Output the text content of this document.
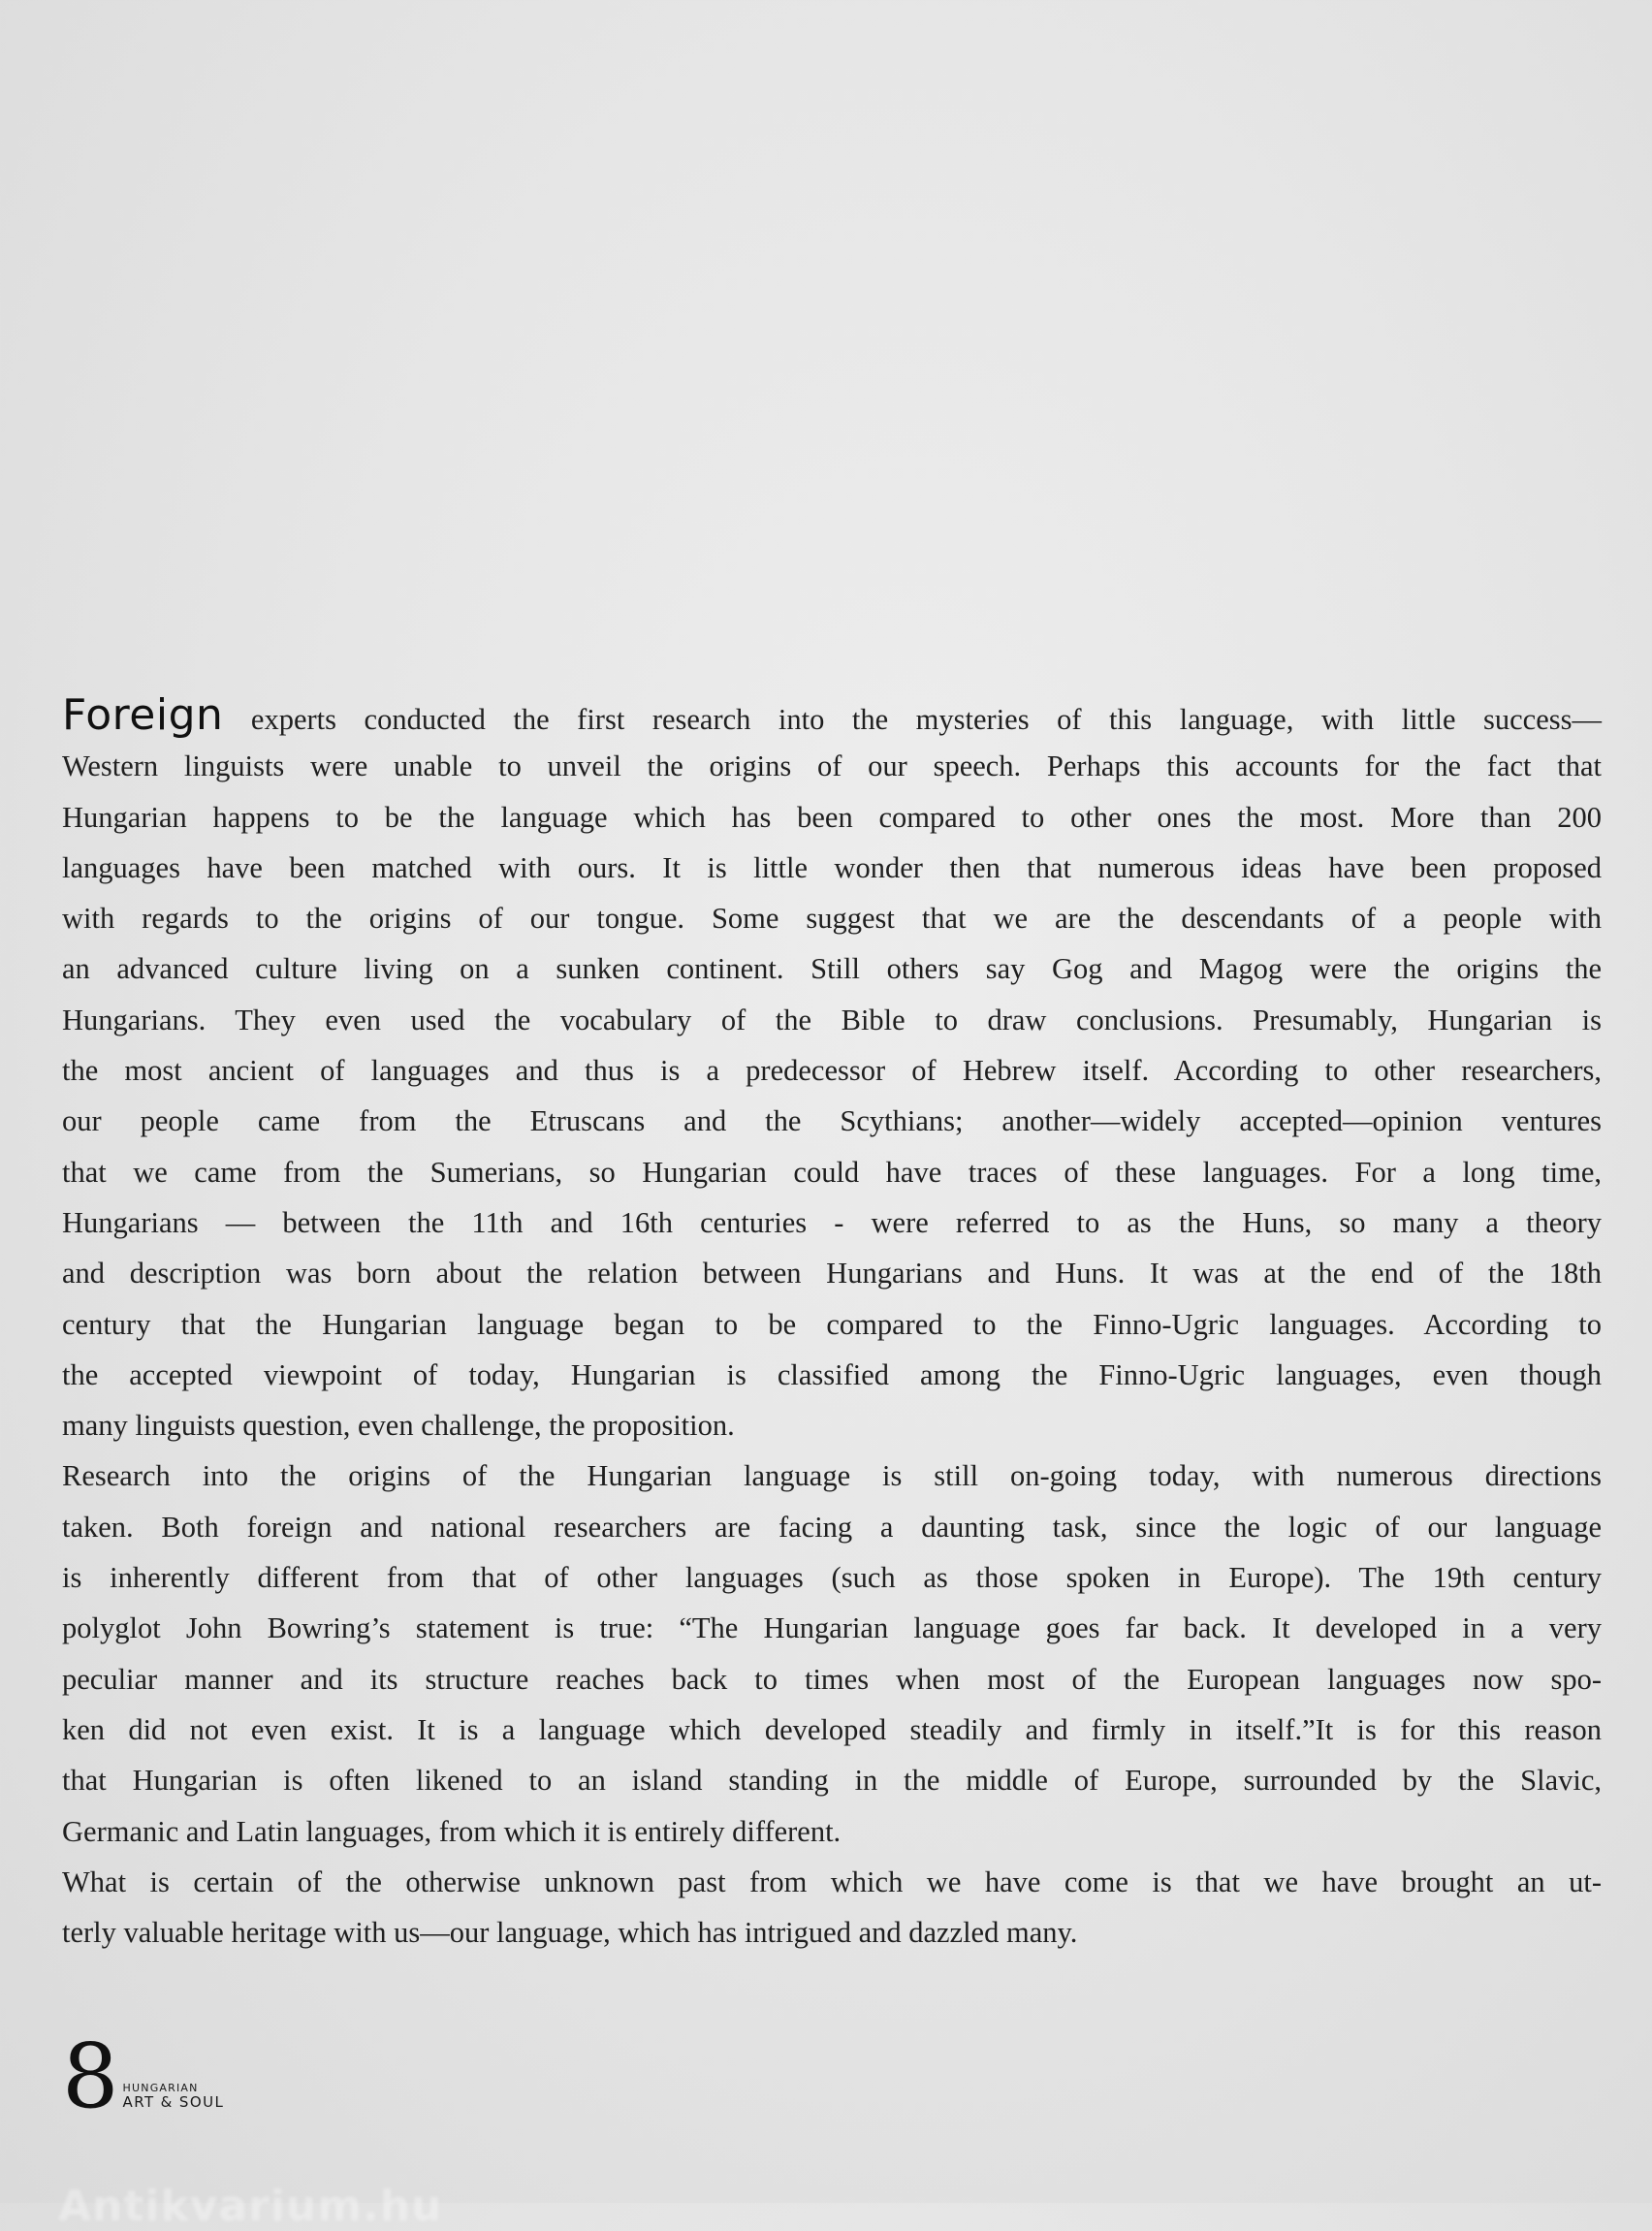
Foreign experts conducted the first research into the mysteries of this language, with little success—
Western linguists were unable to unveil the origins of our speech. Perhaps this accounts for the fact that
Hungarian happens to be the language which has been compared to other ones the most. More than 200
languages have been matched with ours. It is little wonder then that numerous ideas have been proposed
with regards to the origins of our tongue. Some suggest that we are the descendants of a people with
an advanced culture living on a sunken continent. Still others say Gog and Magog were the origins the
Hungarians. They even used the vocabulary of the Bible to draw conclusions. Presumably, Hungarian is
the most ancient of languages and thus is a predecessor of Hebrew itself. According to other researchers,
our people came from the Etruscans and the Scythians; another—widely accepted—opinion ventures
that we came from the Sumerians, so Hungarian could have traces of these languages. For a long time,
Hungarians — between the 11th and 16th centuries - were referred to as the Huns, so many a theory
and description was born about the relation between Hungarians and Huns. It was at the end of the 18th
century that the Hungarian language began to be compared to the Finno-Ugric languages. According to
the accepted viewpoint of today, Hungarian is classified among the Finno-Ugric languages, even though
many linguists question, even challenge, the proposition.
Research into the origins of the Hungarian language is still on-going today, with numerous directions
taken. Both foreign and national researchers are facing a daunting task, since the logic of our language
is inherently different from that of other languages (such as those spoken in Europe). The 19th century
polyglot John Bowring’s statement is true: “The Hungarian language goes far back. It developed in a very
peculiar manner and its structure reaches back to times when most of the European languages now spo-
ken did not even exist. It is a language which developed steadily and firmly in itself.”It is for this reason
that Hungarian is often likened to an island standing in the middle of Europe, surrounded by the Slavic,
Germanic and Latin languages, from which it is entirely different.
What is certain of the otherwise unknown past from which we have come is that we have brought an ut-
terly valuable heritage with us—our language, which has intrigued and dazzled many.
8 HUNGARIAN
ART & SOUL
Antikvarium.hu
